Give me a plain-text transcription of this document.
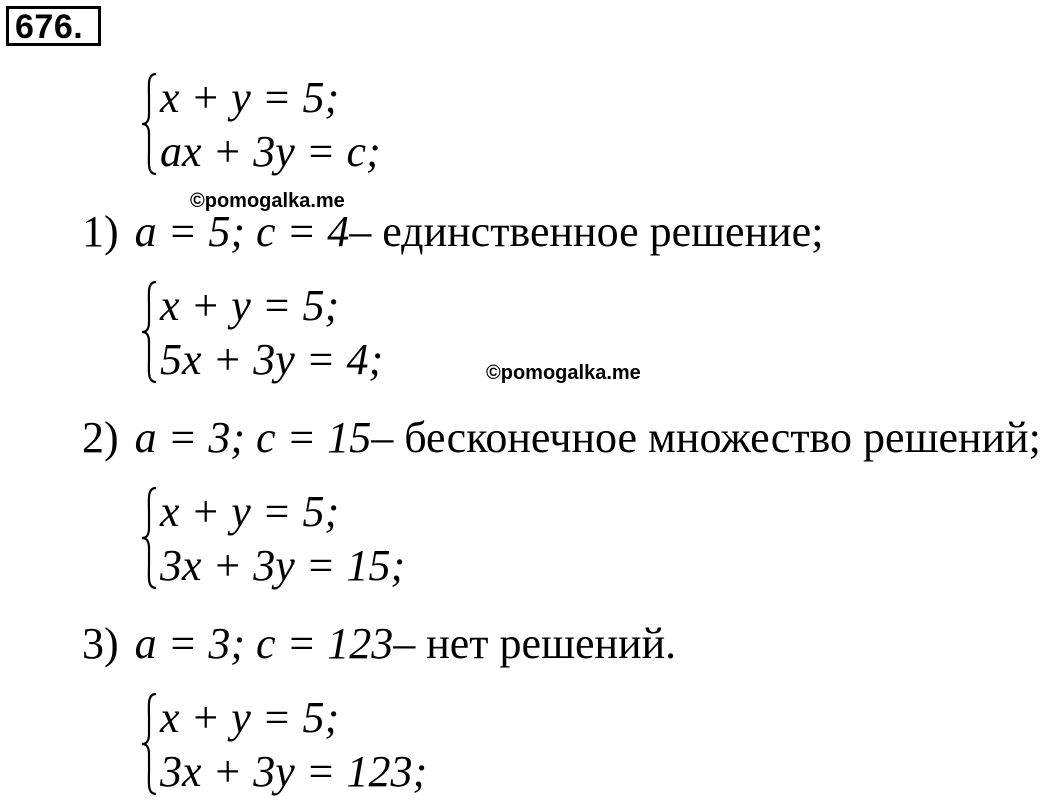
676.
x + y = 5;
ax + 3y = c;
©pomogalka.me
1) a = 5; c = 4– единственное решение;
x + y = 5;
5x + 3y = 4;	©pomogalka.me
2) a = 3; c = 15– бесконечное множество решений;
x + y = 5;
3x + 3y = 15;
3) a = 3; c = 123– нет решений.
x + y = 5;
3x + 3y = 123;
